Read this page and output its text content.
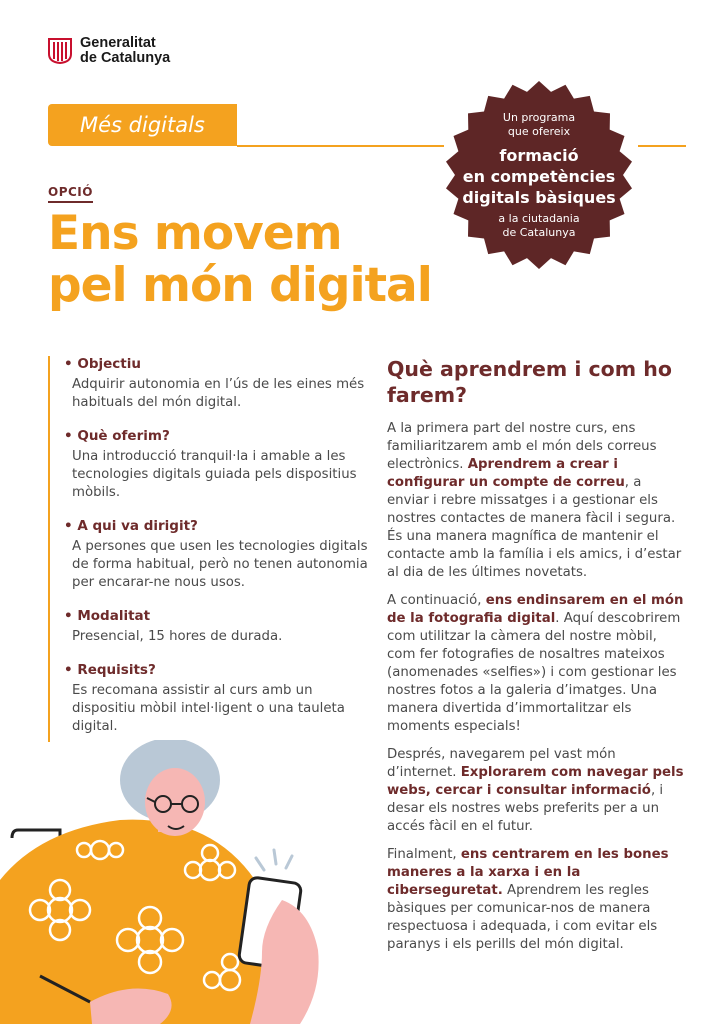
Generalitat
de Catalunya
Més digitals	Un programa
que ofereix
formació
en competències
digitals bàsiques
a la ciutadania
de Catalunya
OPCIÓ
Ens movem
pel món digital
• Objectiu
Adquirir autonomia en l’ús de les eines més habituals del món digital.
• Què oferim?
Una introducció tranquil·la i amable a les tecnologies digitals guiada pels dispositius mòbils.
• A qui va dirigit?
A persones que usen les tecnologies digitals de forma habitual, però no tenen autonomia per encarar-ne nous usos.
• Modalitat
Presencial, 15 hores de durada.
• Requisits?
Es recomana assistir al curs amb un dispositiu mòbil intel·ligent o una tauleta digital.
Què aprendrem i com ho farem?

A la primera part del nostre curs, ens familiaritzarem amb el món dels correus electrònics. Aprendrem a crear i configurar un compte de correu, a enviar i rebre missatges i a gestionar els nostres contactes de manera fàcil i segura. És una manera magnífica de mantenir el contacte amb la família i els amics, i d’estar al dia de les últimes novetats.

A continuació, ens endinsarem en el món de la fotografia digital. Aquí descobrirem com utilitzar la càmera del nostre mòbil, com fer fotografies de nosaltres mateixos (anomenades «selfies») i com gestionar les nostres fotos a la galeria d’imatges. Una manera divertida d’immortalitzar els moments especials!

Després, navegarem pel vast món d’internet. Explorarem com navegar pels webs, cercar i consultar informació, i desar els nostres webs preferits per a un accés fàcil en el futur.

Finalment, ens centrarem en les bones maneres a la xarxa i en la ciberseguretat. Aprendrem les regles bàsiques per comunicar-nos de manera respectuosa i adequada, i com evitar els paranys i els perills del món digital.
